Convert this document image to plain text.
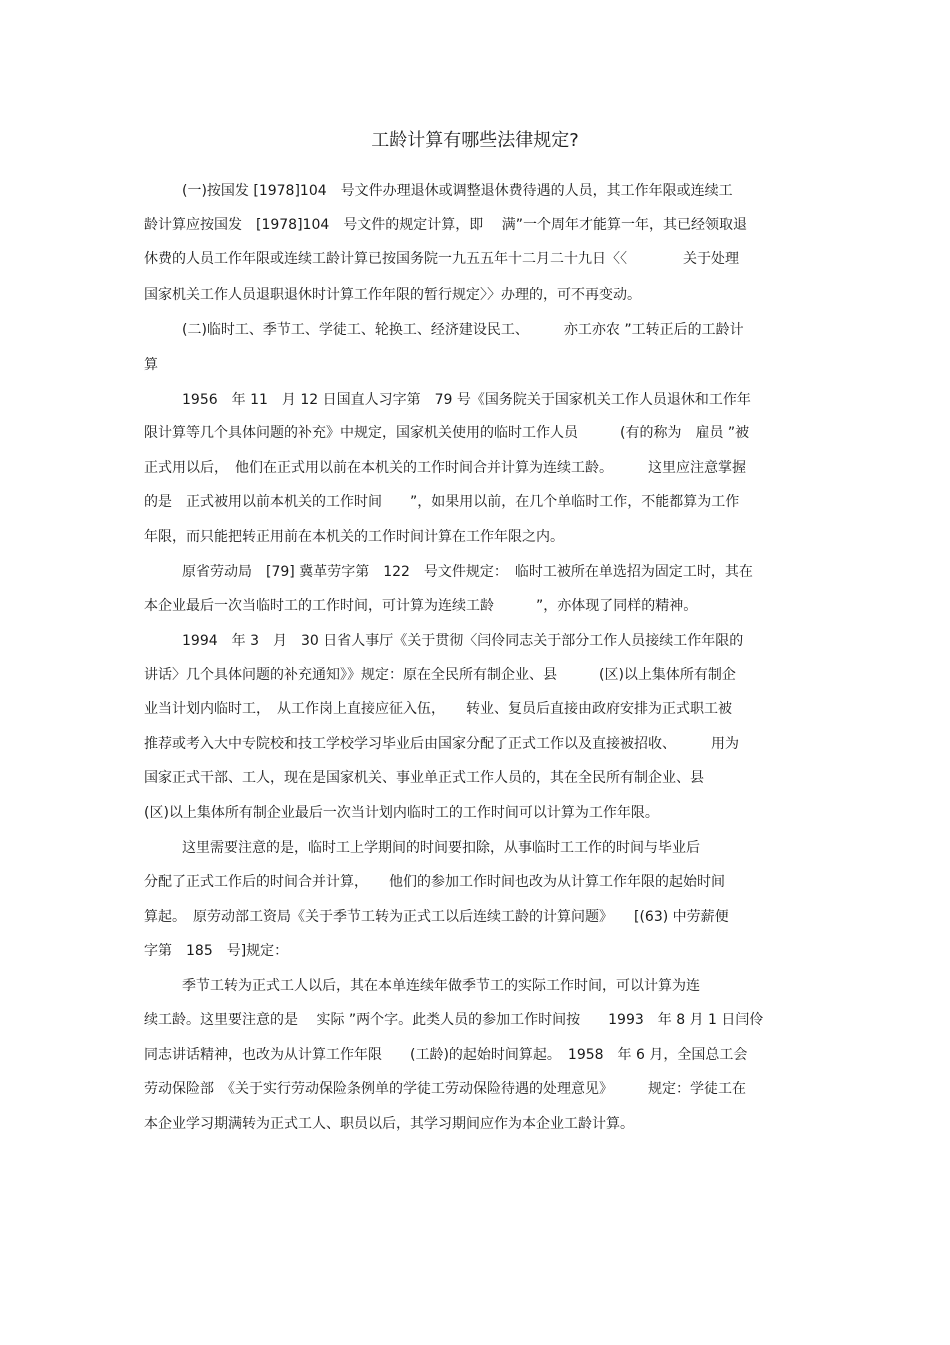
工龄计算有哪些法律规定?
(一)按国发 [1978]104　号文件办理退休或调整退休费待遇的人员，其工作年限或连续工
龄计算应按国发　[1978]104　号文件的规定计算，即　 满”一个周年才能算一年，其已经领取退
休费的人员工作年限或连续工龄计算已按国务院一九五五年十二月二十九日〈〈　　　　关于处理
国家机关工作人员退职退休时计算工作年限的暂行规定〉〉办理的，可不再变动。
(二)临时工、季节工、学徒工、轮换工、经济建设民工、　　　亦工亦农 ”工转正后的工龄计
算
1956　年 11　月 12 日国直人习字第　79 号《国务院关于国家机关工作人员退休和工作年
限计算等几个具体问题的补充》中规定，国家机关使用的临时工作人员　　　(有的称为　雇员 ”被
正式用以后，　他们在正式用以前在本机关的工作时间合并计算为连续工龄。　　　这里应注意掌握
的是　正式被用以前本机关的工作时间　　”，如果用以前，在几个单临时工作，不能都算为工作
年限，而只能把转正用前在本机关的工作时间计算在工作年限之内。
原省劳动局　[79] 冀革劳字第　122　号文件规定：　临时工被所在单选招为固定工时，其在
本企业最后一次当临时工的工作时间，可计算为连续工龄　　　”，亦体现了同样的精神。
1994　年 3　月　30 日省人事厅《关于贯彻〈闫伶同志关于部分工作人员接续工作年限的
讲话〉几个具体问题的补充通知》》规定：原在全民所有制企业、县　　　(区)以上集体所有制企
业当计划内临时工，　从工作岗上直接应征入伍，　　转业、复员后直接由政府安排为正式职工被
推荐或考入大中专院校和技工学校学习毕业后由国家分配了正式工作以及直接被招收、　　　用为
国家正式干部、工人，现在是国家机关、事业单正式工作人员的，其在全民所有制企业、县
(区)以上集体所有制企业最后一次当计划内临时工的工作时间可以计算为工作年限。
这里需要注意的是，临时工上学期间的时间要扣除，从事临时工工作的时间与毕业后
分配了正式工作后的时间合并计算，　　他们的参加工作时间也改为从计算工作年限的起始时间
算起。　原劳动部工资局《关于季节工转为正式工以后连续工龄的计算问题》　　[(63) 中劳薪便
字第　185　号]规定：
季节工转为正式工人以后，其在本单连续年做季节工的实际工作时间，可以计算为连
续工龄。这里要注意的是　 实际 ”两个字。此类人员的参加工作时间按　　1993　年 8 月 1 日闫伶
同志讲话精神，也改为从计算工作年限　　(工龄)的起始时间算起。　1958　年 6 月，全国总工会
劳动保险部　《关于实行劳动保险条例单的学徒工劳动保险待遇的处理意见》　　　规定：学徒工在
本企业学习期满转为正式工人、职员以后，其学习期间应作为本企业工龄计算。
